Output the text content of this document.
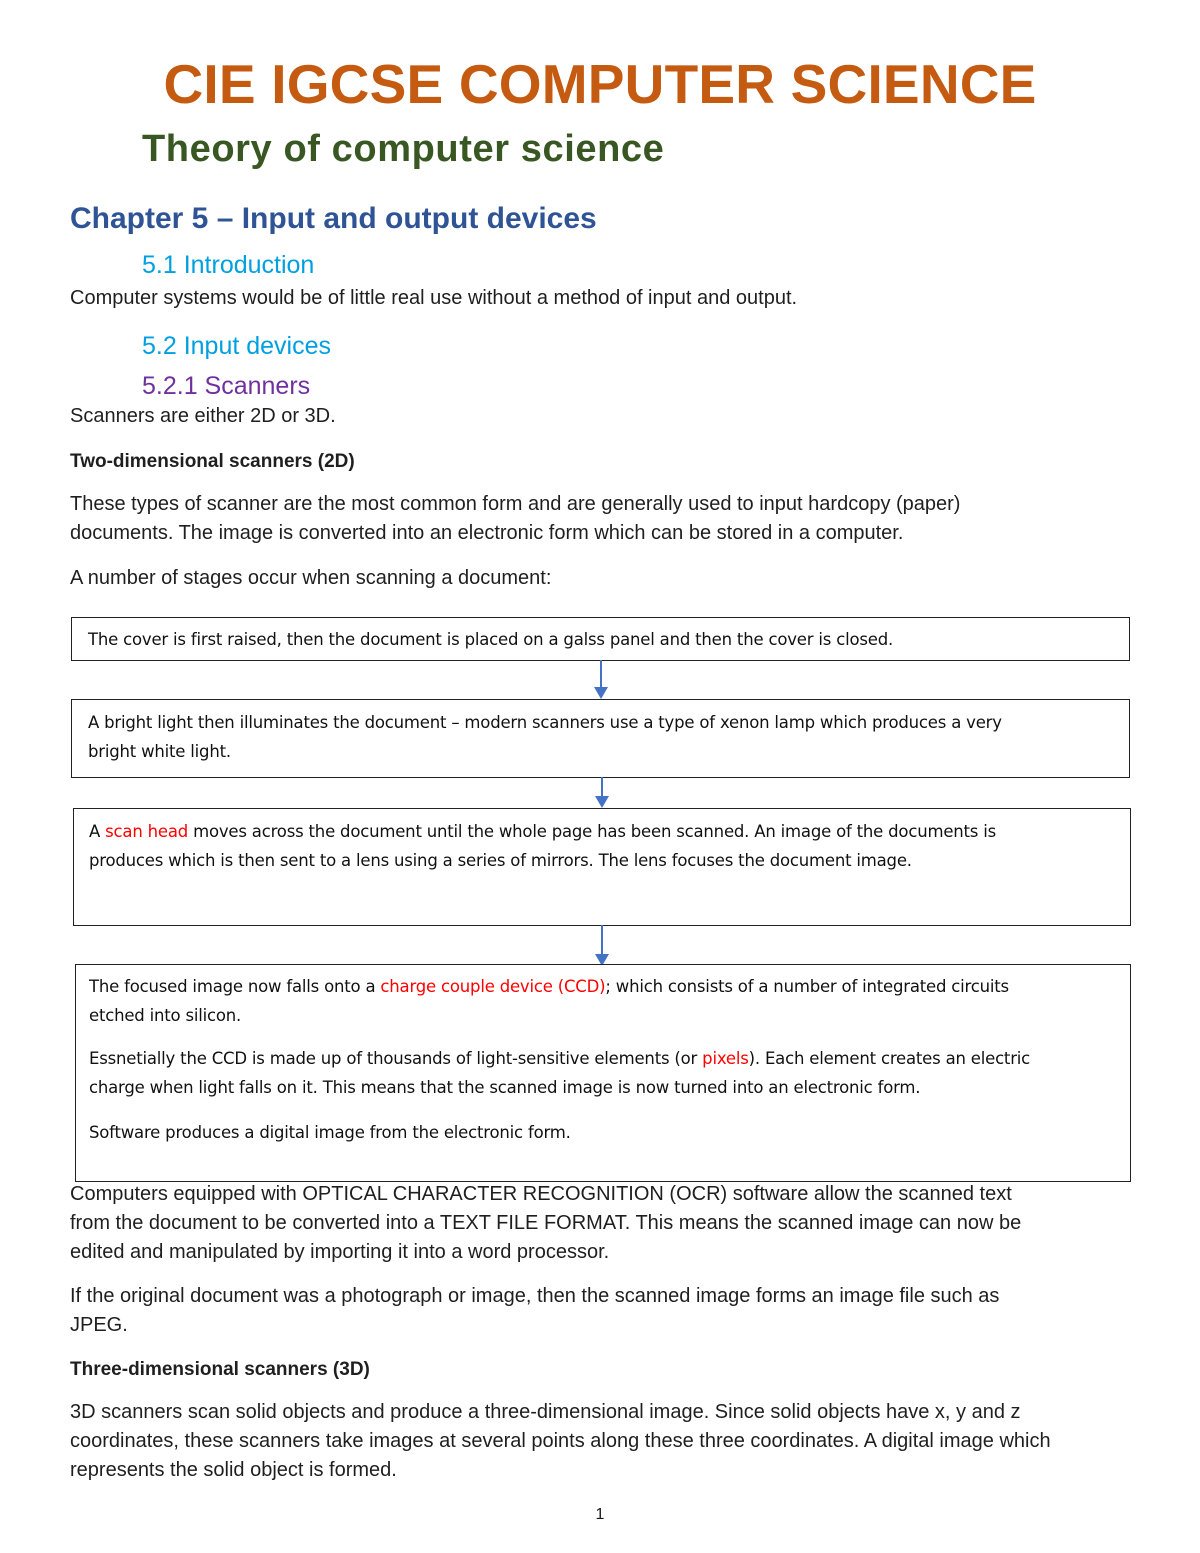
CIE IGCSE COMPUTER SCIENCE
Theory of computer science
Chapter 5 – Input and output devices
5.1 Introduction
Computer systems would be of little real use without a method of input and output.
5.2 Input devices
5.2.1 Scanners
Scanners are either 2D or 3D.
Two-dimensional scanners (2D)
These types of scanner are the most common form and are generally used to input hardcopy (paper)
documents. The image is converted into an electronic form which can be stored in a computer.
A number of stages occur when scanning a document:

The cover is first raised, then the document is placed on a galss panel and then the cover is closed.

A bright light then illuminates the document – modern scanners use a type of xenon lamp which produces a very

bright white light.

A scan head moves across the document until the whole page has been scanned. An image of the documents is

produces which is then sent to a lens using a series of mirrors. The lens focuses the document image.

The focused image now falls onto a charge couple device (CCD); which consists of a number of integrated circuits

etched into silicon.

Essnetially the CCD is made up of thousands of light-sensitive elements (or pixels). Each element creates an electric

charge when light falls on it. This means that the scanned image is now turned into an electronic form.

Software produces a digital image from the electronic form.

Computers equipped with OPTICAL CHARACTER RECOGNITION (OCR) software allow the scanned text
from the document to be converted into a TEXT FILE FORMAT. This means the scanned image can now be
edited and manipulated by importing it into a word processor.
If the original document was a photograph or image, then the scanned image forms an image file such as
JPEG.
Three-dimensional scanners (3D)
3D scanners scan solid objects and produce a three-dimensional image. Since solid objects have x, y and z
coordinates, these scanners take images at several points along these three coordinates. A digital image which
represents the solid object is formed.
1
